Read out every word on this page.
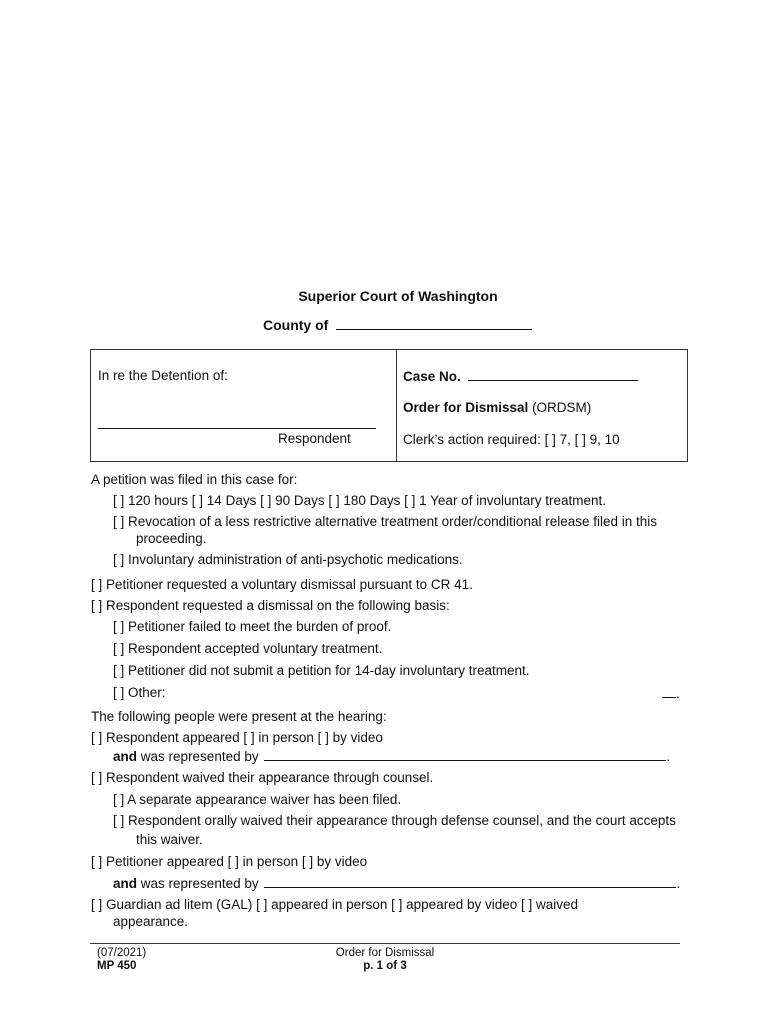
Superior Court of Washington
County of
In re the Detention of:
Respondent
Case No.
Order for Dismissal (ORDSM)
Clerk’s action required: [ ] 7, [ ] 9, 10
A petition was filed in this case for:
[ ] 120 hours [ ] 14 Days [ ] 90 Days [ ] 180 Days [ ] 1 Year of involuntary treatment.
[ ] Revocation of a less restrictive alternative treatment order/conditional release filed in this
proceeding.
[ ] Involuntary administration of anti-psychotic medications.
[ ] Petitioner requested a voluntary dismissal pursuant to CR 41.
[ ] Respondent requested a dismissal on the following basis:
[ ] Petitioner failed to meet the burden of proof.
[ ] Respondent accepted voluntary treatment.
[ ] Petitioner did not submit a petition for 14-day involuntary treatment.
[ ] Other:	.
The following people were present at the hearing:
[ ] Respondent appeared [ ] in person [ ] by video
and was represented by	.
[ ] Respondent waived their appearance through counsel.
[ ] A separate appearance waiver has been filed.
[ ] Respondent orally waived their appearance through defense counsel, and the court accepts
this waiver.
[ ] Petitioner appeared [ ] in person [ ] by video
and was represented by	.
[ ] Guardian ad litem (GAL) [ ] appeared in person [ ] appeared by video [ ] waived
appearance.
(07/2021)
MP 450
Order for Dismissal
p. 1 of 3
